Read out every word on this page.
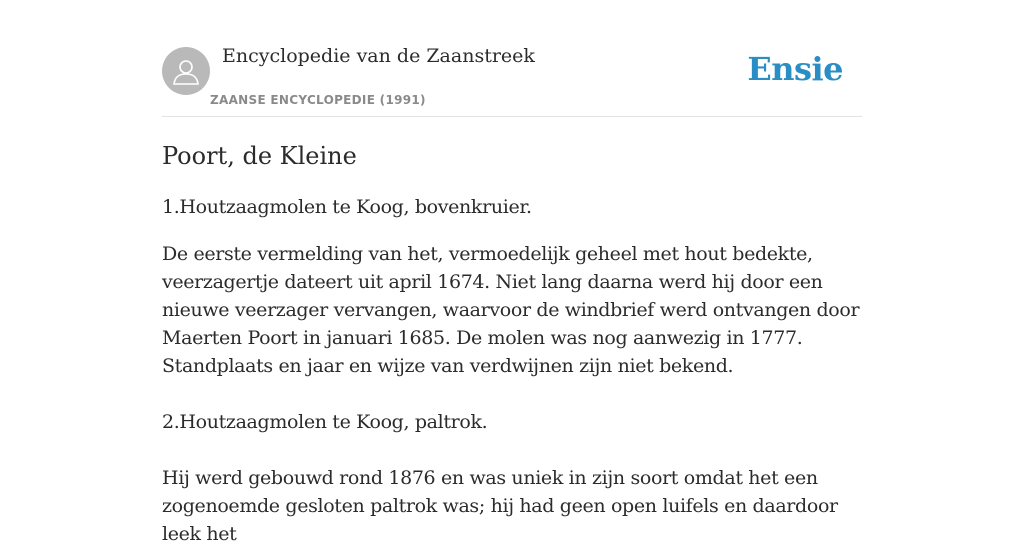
Encyclopedie van de Zaanstreek
ZAANSE ENCYCLOPEDIE (1991)
Ensie
Poort, de Kleine

1.Houtzaagmolen te Koog, bovenkruier.

De eerste vermelding van het, vermoedelijk geheel met hout bedekte, veerzagertje dateert uit april 1674. Niet lang daarna werd hij door een nieuwe veerzager vervangen, waarvoor de windbrief werd ontvangen door Maerten Poort in januari 1685. De molen was nog aanwezig in 1777. Standplaats en jaar en wijze van verdwijnen zijn niet bekend.

2.Houtzaagmolen te Koog, paltrok.

Hij werd gebouwd rond 1876 en was uniek in zijn soort omdat het een zogenoemde gesloten paltrok was; hij had geen open luifels en daardoor leek het
